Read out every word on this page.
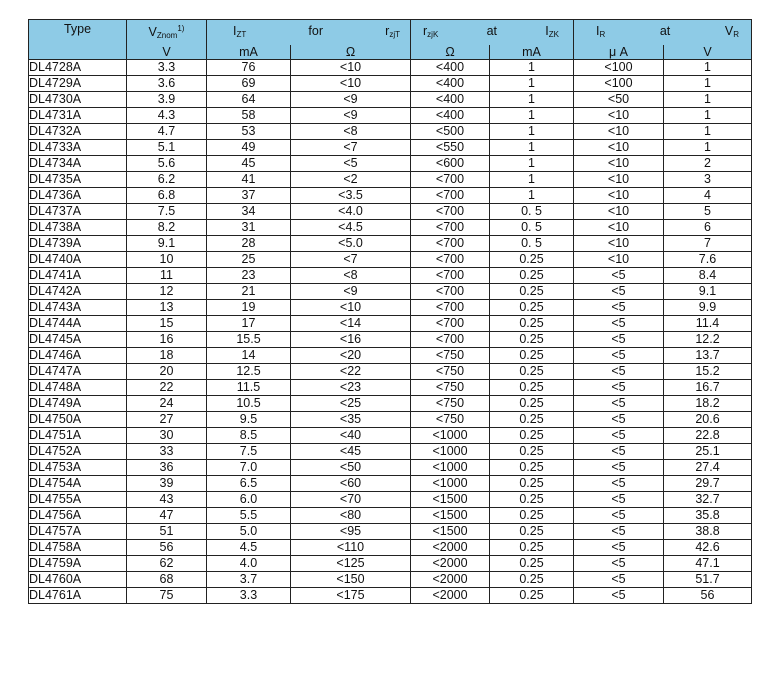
Type	$V_{Znom}^{1)}$	$I_{ZT}$ for $r_{zjT}$		$r_{zjK}$ at $I_{ZK}$		$I_R$ at $V_R$

	V	mA	Ω	Ω	mA	μ A	V
DL4728A	3.3	76	<10	<400	1	<100	1
DL4729A	3.6	69	<10	<400	1	<100	1
DL4730A	3.9	64	<9	<400	1	<50	1
DL4731A	4.3	58	<9	<400	1	<10	1
DL4732A	4.7	53	<8	<500	1	<10	1
DL4733A	5.1	49	<7	<550	1	<10	1
DL4734A	5.6	45	<5	<600	1	<10	2
DL4735A	6.2	41	<2	<700	1	<10	3
DL4736A	6.8	37	<3.5	<700	1	<10	4
DL4737A	7.5	34	<4.0	<700	0. 5	<10	5
DL4738A	8.2	31	<4.5	<700	0. 5	<10	6
DL4739A	9.1	28	<5.0	<700	0. 5	<10	7
DL4740A	10	25	<7	<700	0.25	<10	7.6
DL4741A	11	23	<8	<700	0.25	<5	8.4
DL4742A	12	21	<9	<700	0.25	<5	9.1
DL4743A	13	19	<10	<700	0.25	<5	9.9
DL4744A	15	17	<14	<700	0.25	<5	11.4
DL4745A	16	15.5	<16	<700	0.25	<5	12.2
DL4746A	18	14	<20	<750	0.25	<5	13.7
DL4747A	20	12.5	<22	<750	0.25	<5	15.2
DL4748A	22	11.5	<23	<750	0.25	<5	16.7
DL4749A	24	10.5	<25	<750	0.25	<5	18.2
DL4750A	27	9.5	<35	<750	0.25	<5	20.6
DL4751A	30	8.5	<40	<1000	0.25	<5	22.8
DL4752A	33	7.5	<45	<1000	0.25	<5	25.1
DL4753A	36	7.0	<50	<1000	0.25	<5	27.4
DL4754A	39	6.5	<60	<1000	0.25	<5	29.7
DL4755A	43	6.0	<70	<1500	0.25	<5	32.7
DL4756A	47	5.5	<80	<1500	0.25	<5	35.8
DL4757A	51	5.0	<95	<1500	0.25	<5	38.8
DL4758A	56	4.5	<110	<2000	0.25	<5	42.6
DL4759A	62	4.0	<125	<2000	0.25	<5	47.1
DL4760A	68	3.7	<150	<2000	0.25	<5	51.7
DL4761A	75	3.3	<175	<2000	0.25	<5	56
